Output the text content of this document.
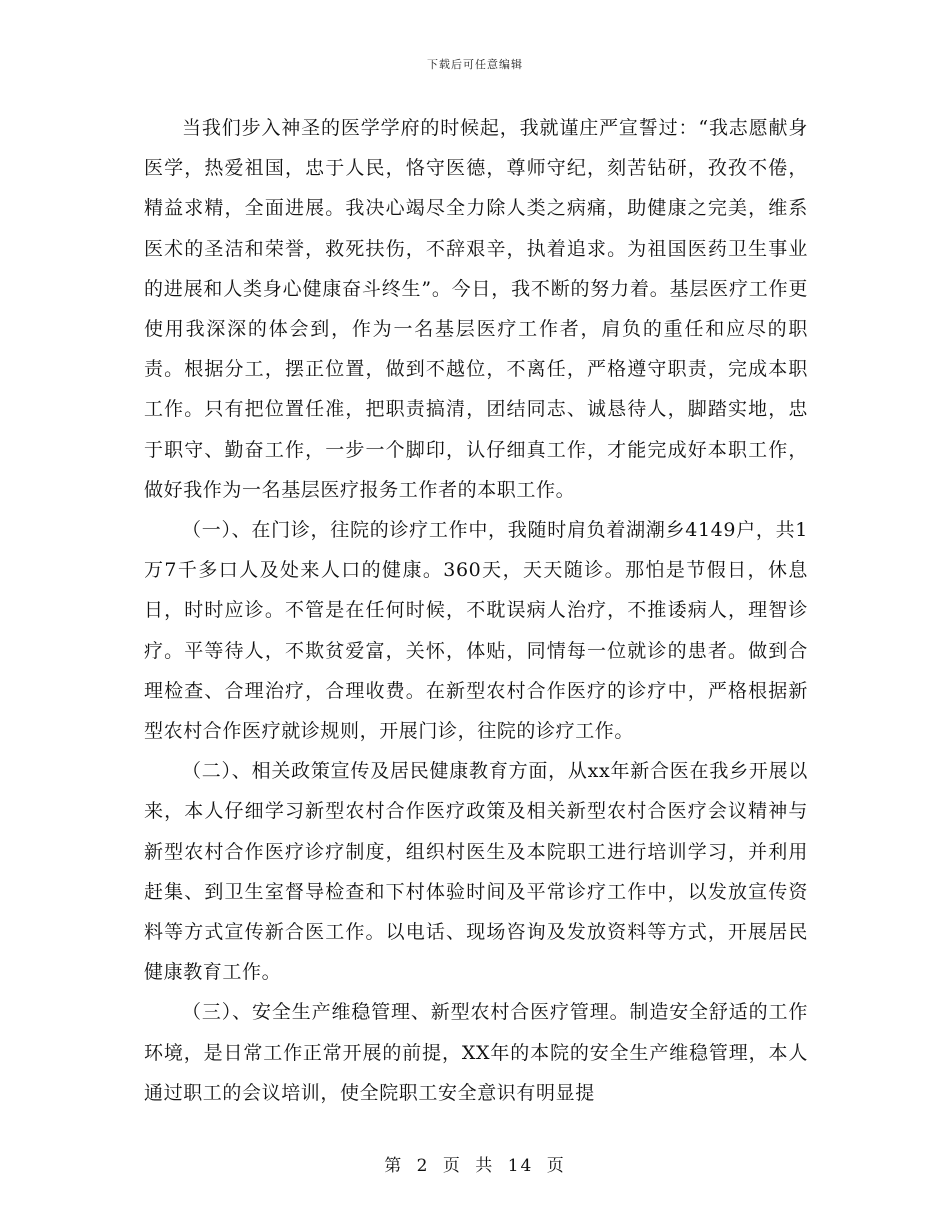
下载后可任意编辑

当我们步入神圣的医学学府的时候起，我就谨庄严宣誓过：“我志愿献身医学，热爱祖国，忠于人民，恪守医德，尊师守纪，刻苦钻研，孜孜不倦，精益求精，全面进展。我决心竭尽全力除人类之病痛，助健康之完美，维系医术的圣洁和荣誉，救死扶伤，不辞艰辛，执着追求。为祖国医药卫生事业的进展和人类身心健康奋斗终生”。今日，我不断的努力着。基层医疗工作更使用我深深的体会到，作为一名基层医疗工作者，肩负的重任和应尽的职责。根据分工，摆正位置，做到不越位，不离任，严格遵守职责，完成本职工作。只有把位置任准，把职责搞清，团结同志、诚恳待人，脚踏实地，忠于职守、勤奋工作，一步一个脚印，认仔细真工作，才能完成好本职工作，做好我作为一名基层医疗报务工作者的本职工作。

（一）、在门诊，往院的诊疗工作中，我随时肩负着湖潮乡4149户，共1万7千多口人及处来人口的健康。360天，天天随诊。那怕是节假日，休息日，时时应诊。不管是在任何时候，不耽误病人治疗，不推诿病人，理智诊疗。平等待人，不欺贫爱富，关怀，体贴，同情每一位就诊的患者。做到合理检查、合理治疗，合理收费。在新型农村合作医疗的诊疗中，严格根据新型农村合作医疗就诊规则，开展门诊，往院的诊疗工作。

（二）、相关政策宣传及居民健康教育方面，从xx年新合医在我乡开展以来，本人仔细学习新型农村合作医疗政策及相关新型农村合医疗会议精神与新型农村合作医疗诊疗制度，组织村医生及本院职工进行培训学习，并利用赶集、到卫生室督导检查和下村体验时间及平常诊疗工作中，以发放宣传资料等方式宣传新合医工作。以电话、现场咨询及发放资料等方式，开展居民健康教育工作。

（三）、安全生产维稳管理、新型农村合医疗管理。制造安全舒适的工作环境，是日常工作正常开展的前提，XX年的本院的安全生产维稳管理，本人通过职工的会议培训，使全院职工安全意识有明显提

第 2 页 共 14 页
